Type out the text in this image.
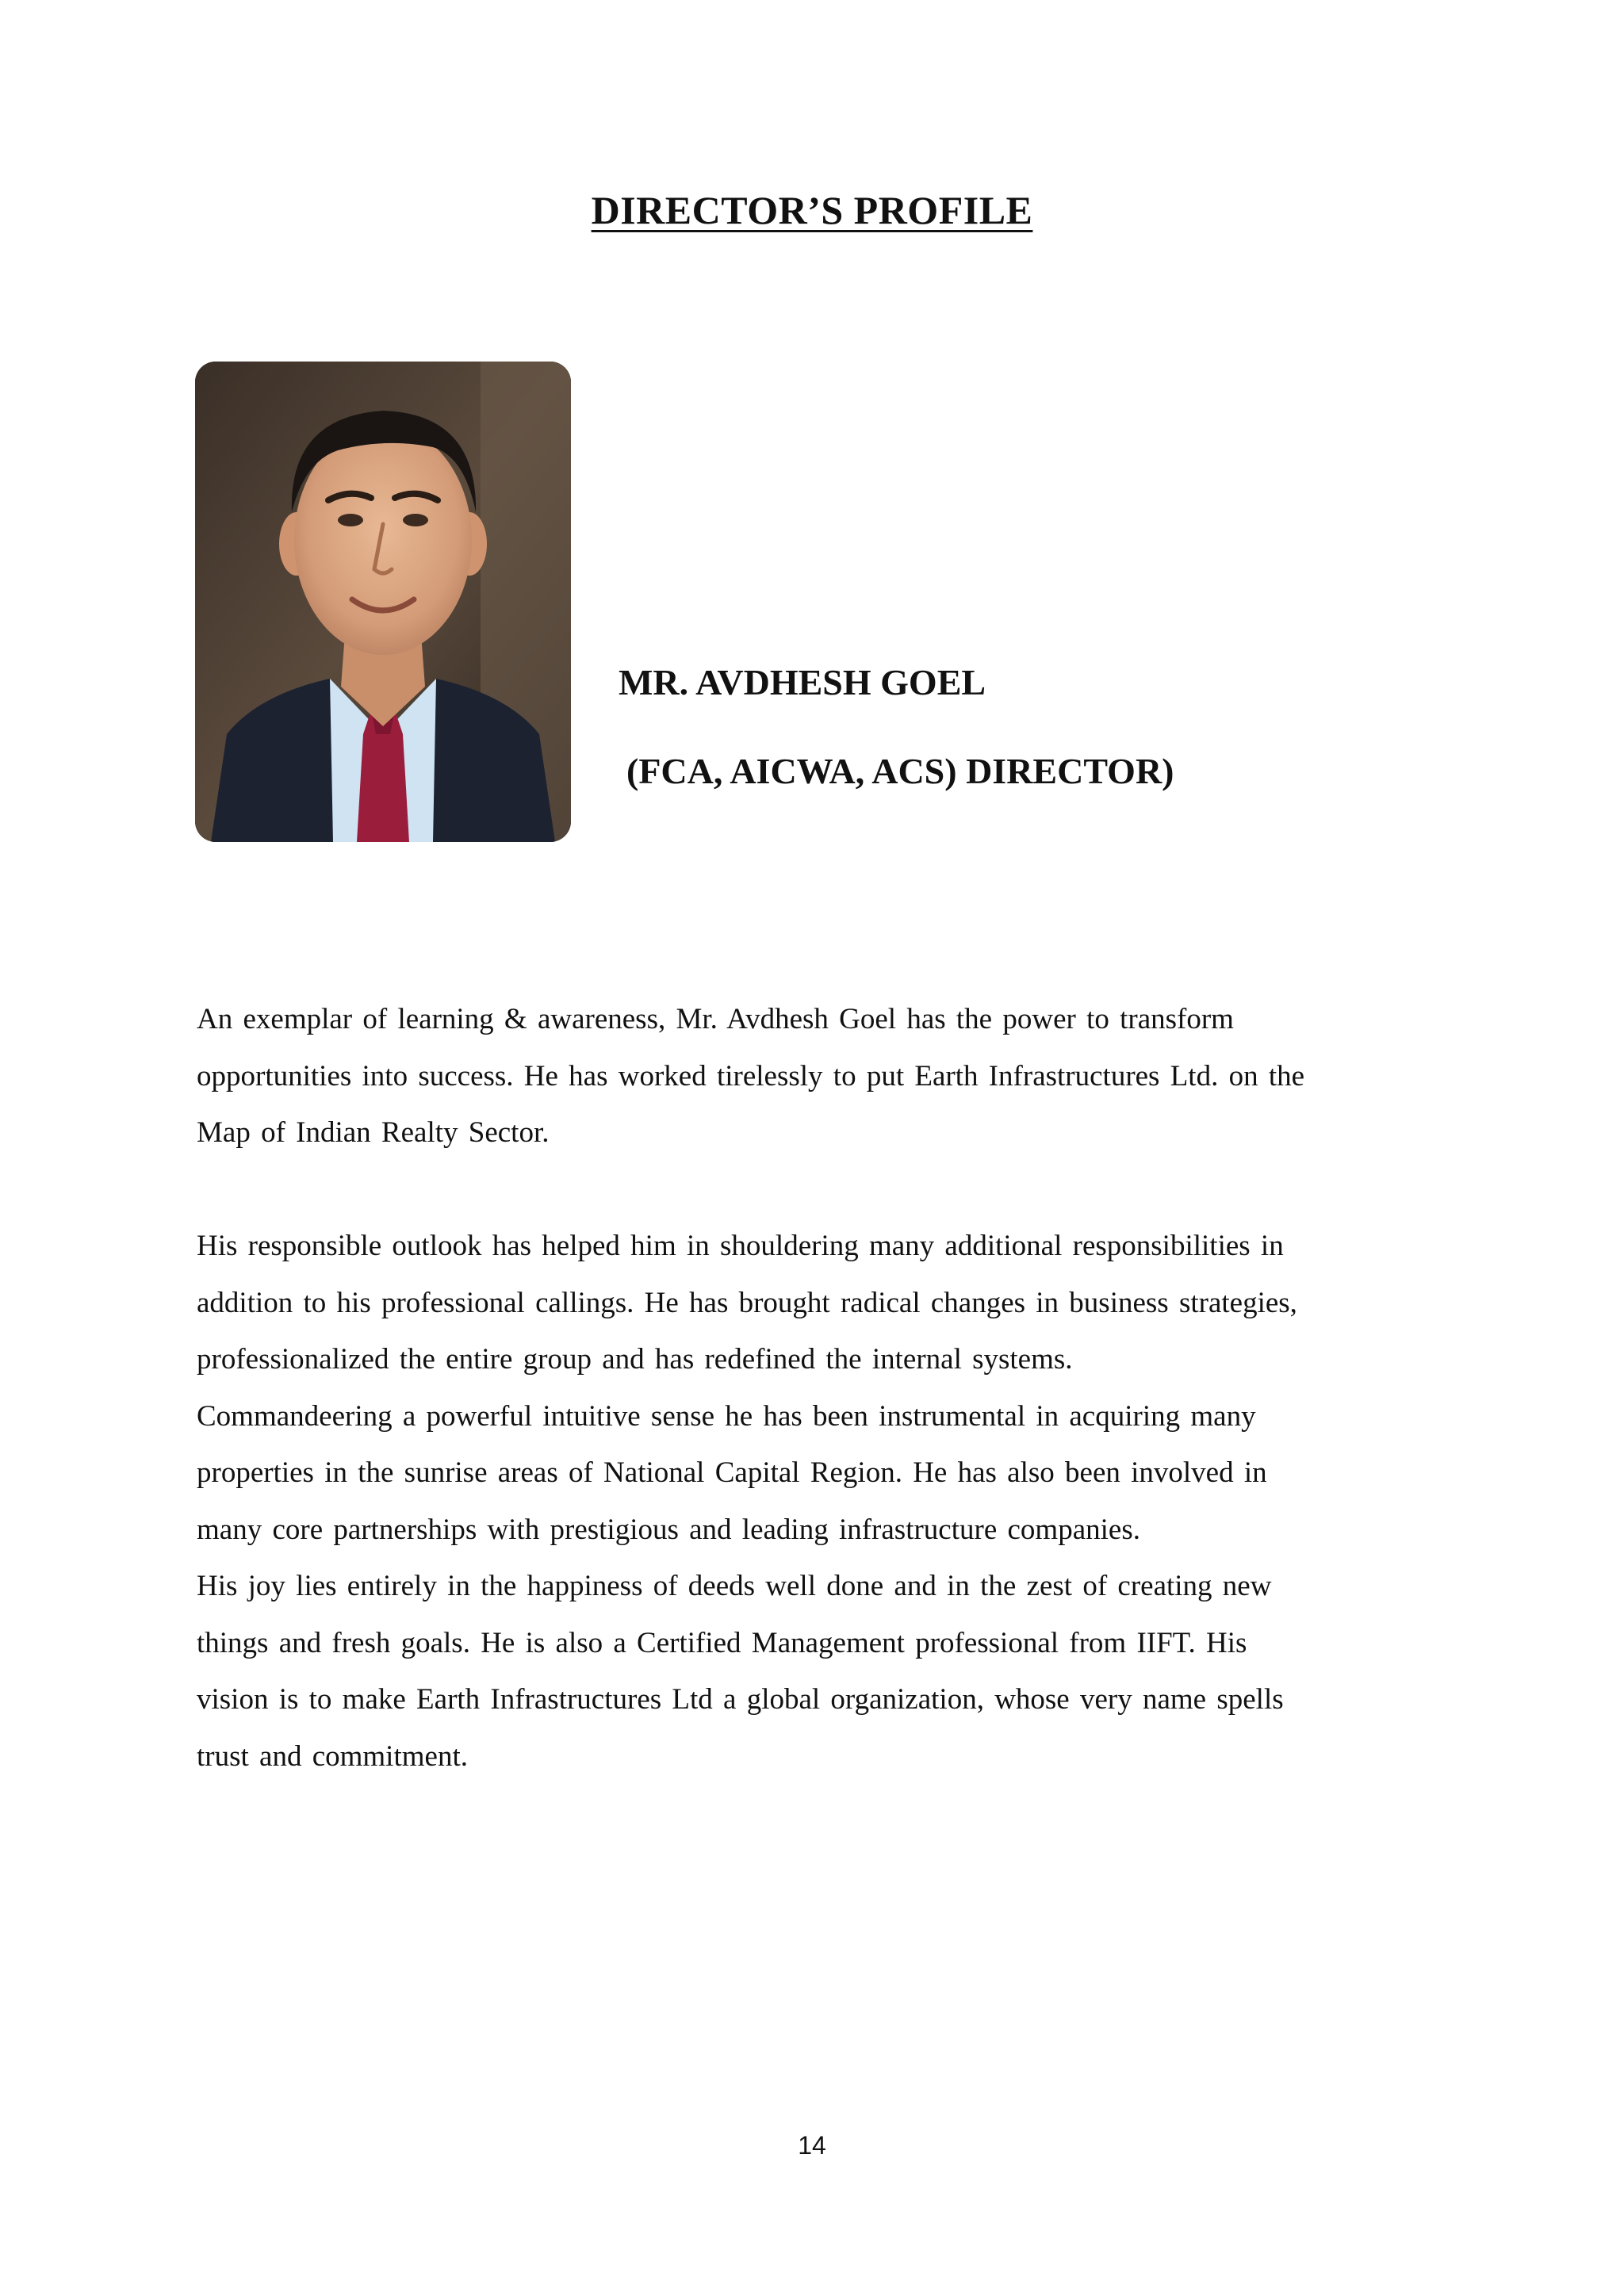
DIRECTOR’S PROFILE
MR. AVDHESH GOEL
(FCA, AICWA, ACS) DIRECTOR)
An exemplar of learning & awareness, Mr. Avdhesh Goel has the power to transform
opportunities into success. He has worked tirelessly to put Earth Infrastructures Ltd. on the
Map of Indian Realty Sector.
His responsible outlook has helped him in shouldering many additional responsibilities in
addition to his professional callings. He has brought radical changes in business strategies,
professionalized the entire group and has redefined the internal systems.
Commandeering a powerful intuitive sense he has been instrumental in acquiring many
properties in the sunrise areas of National Capital Region. He has also been involved in
many core partnerships with prestigious and leading infrastructure companies.
His joy lies entirely in the happiness of deeds well done and in the zest of creating new
things and fresh goals. He is also a Certified Management professional from IIFT. His
vision is to make Earth Infrastructures Ltd a global organization, whose very name spells
trust and commitment.
14
